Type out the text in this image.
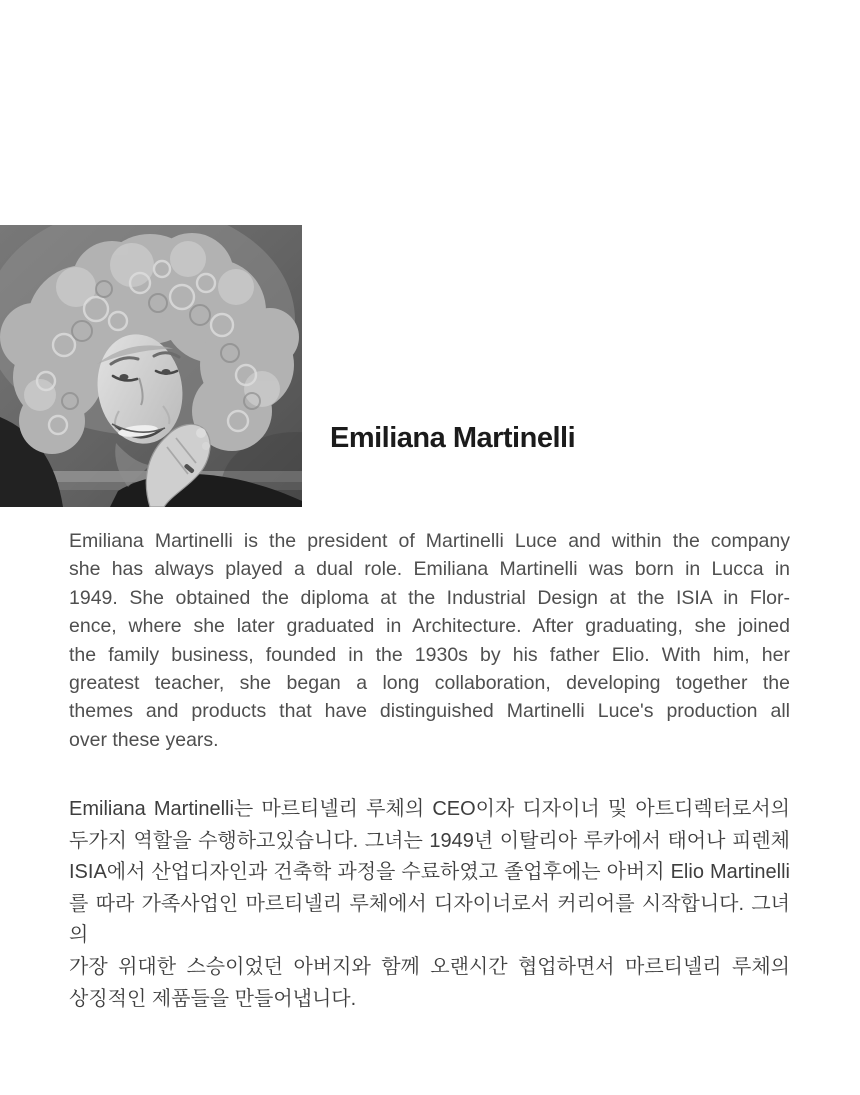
Emiliana Martinelli
Emiliana Martinelli is the president of Martinelli Luce and within the company
she has always played a dual role. Emiliana Martinelli was born in Lucca in
1949. She obtained the diploma at the Industrial Design at the ISIA in Flor-
ence, where she later graduated in Architecture. After graduating, she joined
the family business, founded in the 1930s by his father Elio. With him, her
greatest teacher, she began a long collaboration, developing together the
themes and products that have distinguished Martinelli Luce's production all
over these years.
Emiliana Martinelli는 마르티넬리 루체의 CEO이자 디자이너 및 아트디렉터로서의
두가지 역할을 수행하고있습니다. 그녀는 1949년 이탈리아 루카에서 태어나 피렌체
ISIA에서 산업디자인과 건축학 과정을 수료하였고 졸업후에는 아버지 Elio Martinelli
를 따라 가족사업인 마르티넬리 루체에서 디자이너로서 커리어를 시작합니다. 그녀의
가장 위대한 스승이었던 아버지와 함께 오랜시간 협업하면서 마르티넬리 루체의
상징적인 제품들을 만들어냅니다.
